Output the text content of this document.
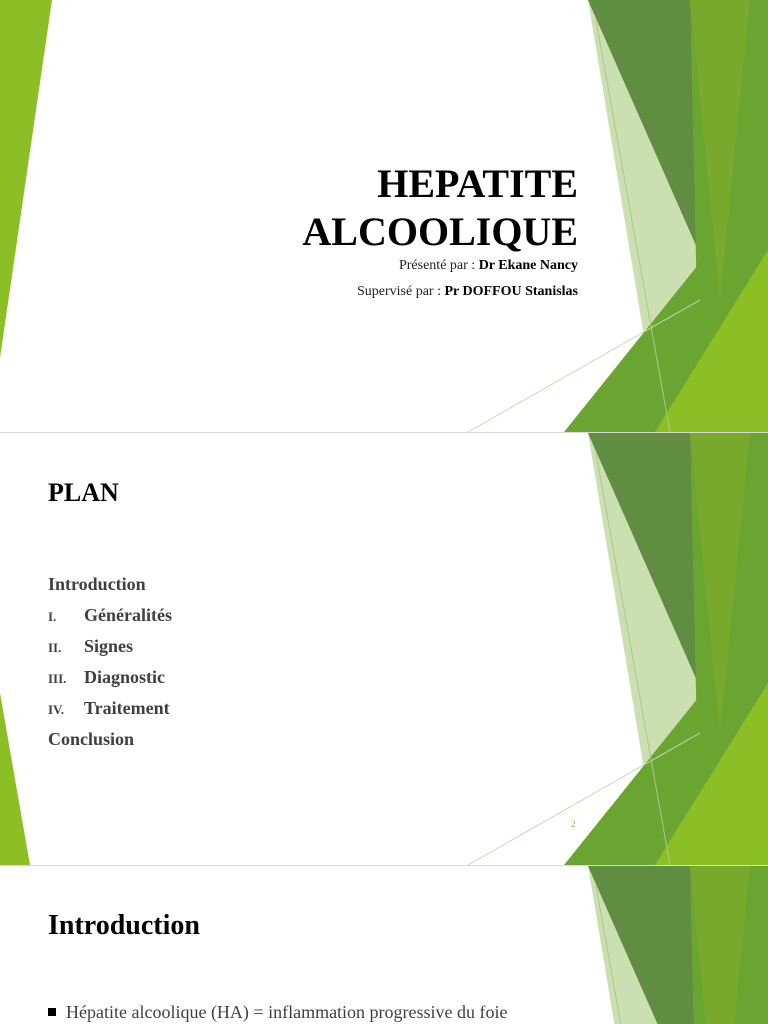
HEPATITE
ALCOOLIQUE
Présenté par : Dr Ekane Nancy
Supervisé par : Pr DOFFOU Stanislas
PLAN
Introduction
I. Généralités
II. Signes
III. Diagnostic
IV. Traitement
Conclusion
2
Introduction
Hépatite alcoolique (HA) = inflammation progressive du foie
